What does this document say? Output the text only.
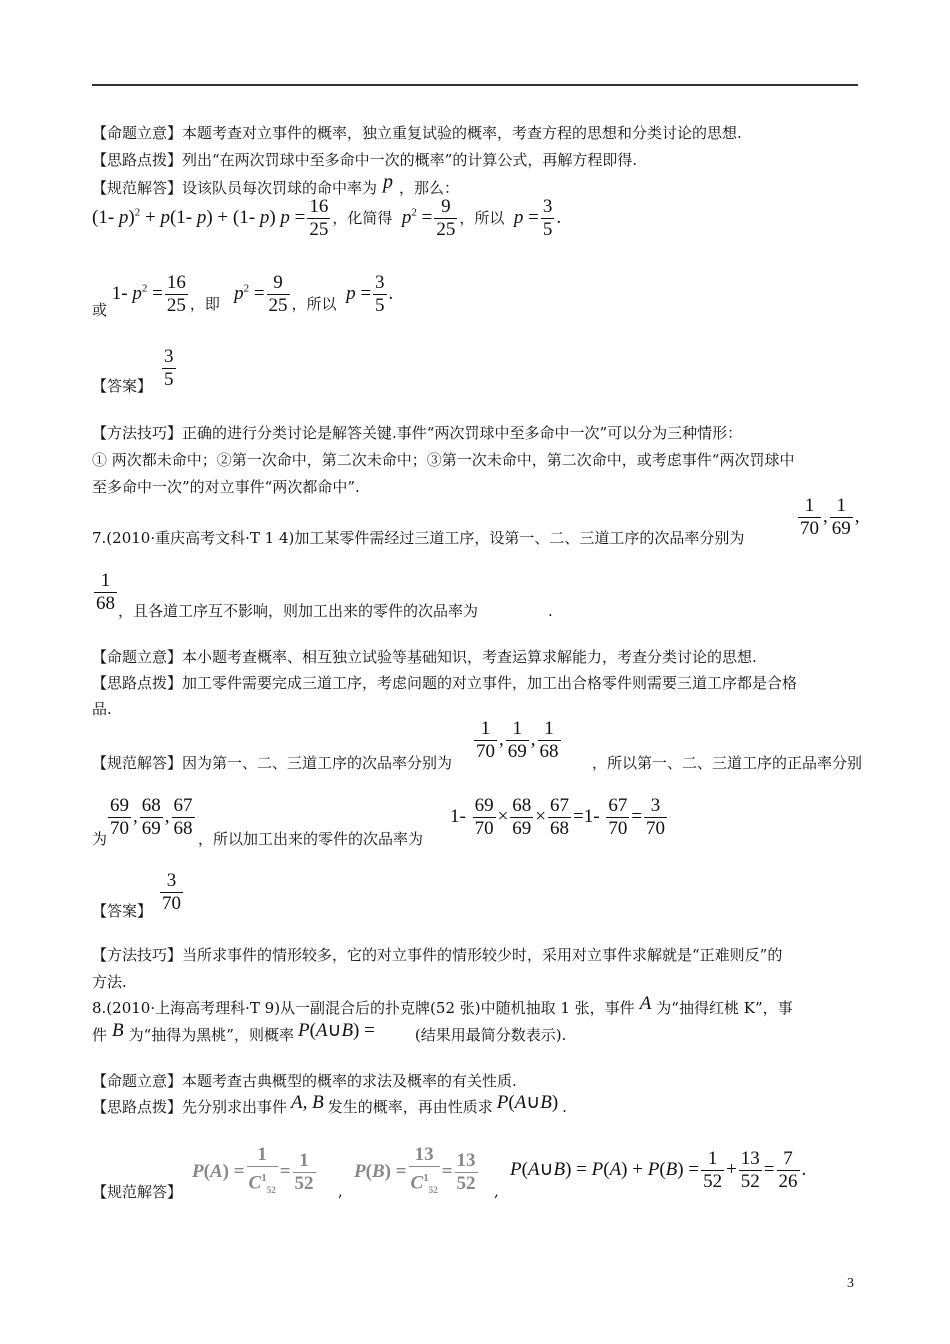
【命题立意】本题考查对立事件的概率，独立重复试验的概率，考查方程的思想和分类讨论的思想.
【思路点拨】列出“在两次罚球中至多命中一次的概率”的计算公式，再解方程即得.
【规范解答】设该队员每次罚球的命中率为 p ，那么：
(1- p)$^2$ + p(1- p) + (1- p) $p = \frac{16}{25}$ ，化简得 $p^2 = \frac{9}{25}$ ，所以 $p = \frac{3}{5}$ .
$_或$ 1- $p^2 = \frac{16}{25} _{,即}$ $p^2 = \frac{9}{25} _{,所以}$ $p = \frac{3}{5}$ .
【答案】
3
5
【方法技巧】正确的进行分类讨论是解答关键.事件“两次罚球中至多命中一次”可以分为三种情形：
① 两次都未命中；②第一次命中，第二次未命中；③第一次未命中，第二次命中，或考虑事件“两次罚球中
至多命中一次”的对立事件“两次都命中”.
7.(2010·重庆高考文科·T 1 4)加工某零件需经过三道工序，设第一、二、三道工序的次品率分别为	$\frac{1}{70}$ , $\frac{1}{69}$ ,
$\frac{1}{68}$ ，且各道工序互不影响，则加工出来的零件的次品率为	.
【命题立意】本小题考查概率、相互独立试验等基础知识，考查运算求解能力，考查分类讨论的思想.
【思路点拨】加工零件需要完成三道工序，考虑问题的对立事件，加工出合格零件则需要三道工序都是合格
品.
【规范解答】因为第一、二、三道工序的次品率分别为	，所以第一、二、三道工序的正品率分别
$\frac{1}{70}$ , $\frac{1}{69}$ , $\frac{1}{68}$
为 $\frac{69}{70}$ , $\frac{68}{69}$ , $\frac{67}{68}$ ，所以加工出来的零件的次品率为
$1- \frac{69}{70} \times \frac{68}{69} \times \frac{67}{68} =1- \frac{67}{70} = \frac{3}{70}$
【答案】
3
70
【方法技巧】当所求事件的情形较多，它的对立事件的情形较少时，采用对立事件求解就是“正难则反”的
方法.
8.(2010·上海高考理科·T 9)从一副混合后的扑克牌(52 张)中随机抽取 1 张，事件 A 为“抽得红桃 K”，事
件 B 为“抽得为黑桃”，则概率 P(A∪B) =	(结果用最简分数表示).
【命题立意】本题考查古典概型的概率的求法及概率的有关性质.
【思路点拨】先分别求出事件 A, B 发生的概率，再由性质求 P(A∪B) .
【规范解答】
$P(A) = \frac{1}{C^1_{52}} = \frac{1}{52}$ ,
$P(B) = \frac{13}{C^1_{52}} = \frac{13}{52}$ ,
P(A∪B) = $P(A) + P(B) = \frac{1}{52} + \frac{13}{52} = \frac{7}{26}$ .
3
